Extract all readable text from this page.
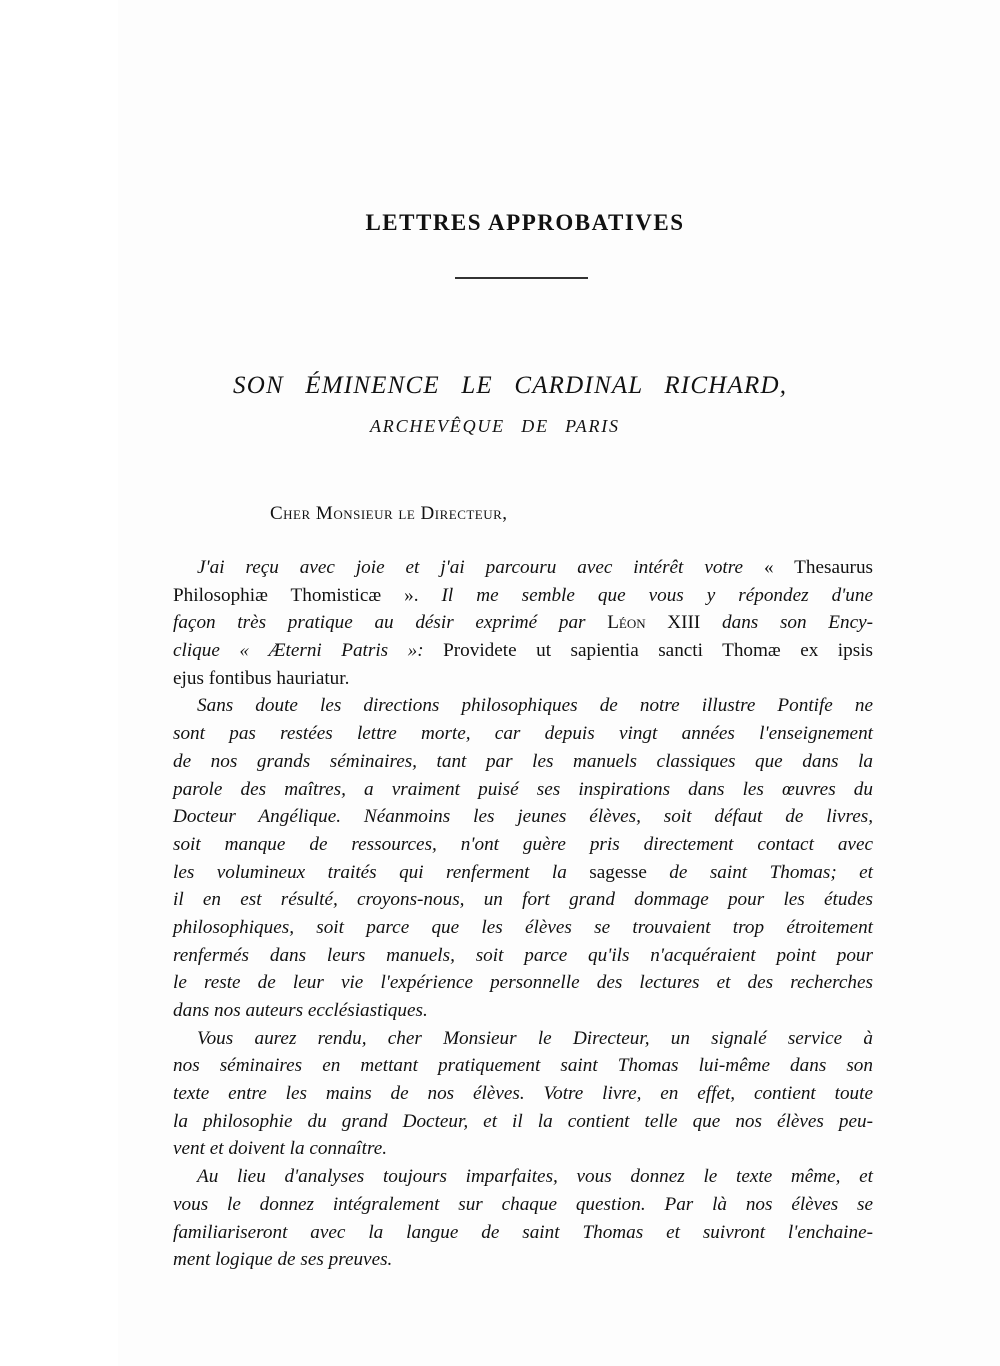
LETTRES APPROBATIVES
SON ÉMINENCE LE CARDINAL RICHARD,
ARCHEVÊQUE DE PARIS
Cher Monsieur le Directeur,
J'ai reçu avec joie et j'ai parcouru avec intérêt votre « Thesaurus
Philosophiæ Thomisticæ ». Il me semble que vous y répondez d'une
façon très pratique au désir exprimé par Léon XIII dans son Ency-
clique « Æterni Patris »: Providete ut sapientia sancti Thomæ ex ipsis
ejus fontibus hauriatur.
Sans doute les directions philosophiques de notre illustre Pontife ne
sont pas restées lettre morte, car depuis vingt années l'enseignement
de nos grands séminaires, tant par les manuels classiques que dans la
parole des maîtres, a vraiment puisé ses inspirations dans les œuvres du
Docteur Angélique. Néanmoins les jeunes élèves, soit défaut de livres,
soit manque de ressources, n'ont guère pris directement contact avec
les volumineux traités qui renferment la sagesse de saint Thomas; et
il en est résulté, croyons-nous, un fort grand dommage pour les études
philosophiques, soit parce que les élèves se trouvaient trop étroitement
renfermés dans leurs manuels, soit parce qu'ils n'acquéraient point pour
le reste de leur vie l'expérience personnelle des lectures et des recherches
dans nos auteurs ecclésiastiques.
Vous aurez rendu, cher Monsieur le Directeur, un signalé service à
nos séminaires en mettant pratiquement saint Thomas lui-même dans son
texte entre les mains de nos élèves. Votre livre, en effet, contient toute
la philosophie du grand Docteur, et il la contient telle que nos élèves peu-
vent et doivent la connaître.
Au lieu d'analyses toujours imparfaites, vous donnez le texte même, et
vous le donnez intégralement sur chaque question. Par là nos élèves se
familiariseront avec la langue de saint Thomas et suivront l'enchaine-
ment logique de ses preuves.
